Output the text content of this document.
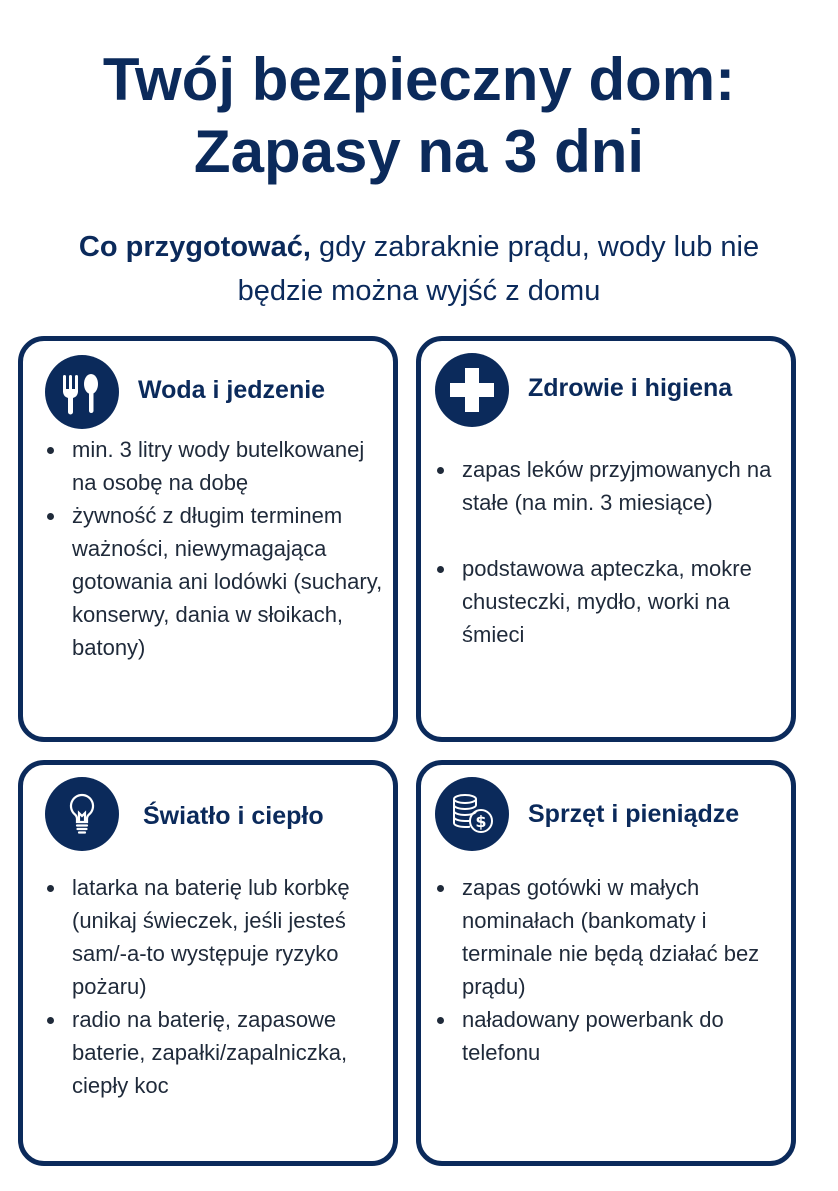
Twój bezpieczny dom:
Zapasy na 3 dni
Co przygotować, gdy zabraknie prądu, wody lub nie będzie można wyjść z domu
Woda i jedzenie
min. 3 litry wody butelkowanej na osobę na dobę
żywność z długim terminem ważności, niewymagająca gotowania ani lodówki (suchary, konserwy, dania w słoikach, batony)
Zdrowie i higiena
zapas leków przyjmowanych na stałe (na min. 3 miesiące)
podstawowa apteczka, mokre chusteczki, mydło, worki na śmieci
Światło i ciepło
latarka na baterię lub korbkę (unikaj świeczek, jeśli jesteś sam/-a-to występuje ryzyko pożaru)
radio na baterię, zapasowe baterie, zapałki/zapalniczka, ciepły koc
$ Sprzęt i pieniądze
zapas gotówki w małych nominałach (bankomaty i terminale nie będą działać bez prądu)
naładowany powerbank do telefonu
